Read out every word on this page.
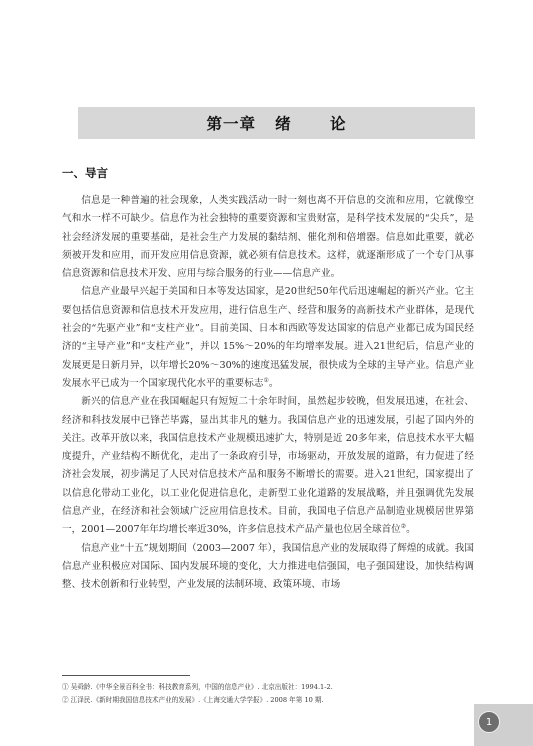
第一章   绪      论
一、导言

信息是一种普遍的社会现象，人类实践活动一时一刻也离不开信息的交流和应用，它就像空气和水一样不可缺少。信息作为社会独特的重要资源和宝贵财富，是科学技术发展的“尖兵”，是社会经济发展的重要基础，是社会生产力发展的黏结剂、催化剂和倍增器。信息如此重要，就必须被开发和应用，而开发应用信息资源，就必须有信息技术。这样，就逐渐形成了一个专门从事信息资源和信息技术开发、应用与综合服务的行业——信息产业。

信息产业最早兴起于美国和日本等发达国家，是20世纪50年代后迅速崛起的新兴产业。它主要包括信息资源和信息技术开发应用，进行信息生产、经营和服务的高新技术产业群体，是现代社会的“先驱产业”和“支柱产业”。目前美国、日本和西欧等发达国家的信息产业都已成为国民经济的“主导产业”和“支柱产业”，并以 15%～20%的年均增率发展。进入21世纪后，信息产业的发展更是日新月异，以年增长20%～30%的速度迅猛发展，很快成为全球的主导产业。信息产业发展水平已成为一个国家现代化水平的重要标志①。

新兴的信息产业在我国崛起只有短短二十余年时间，虽然起步较晚，但发展迅速，在社会、经济和科技发展中已锋芒毕露，显出其非凡的魅力。我国信息产业的迅速发展，引起了国内外的关注。改革开放以来，我国信息技术产业规模迅速扩大，特别是近 20多年来，信息技术水平大幅度提升，产业结构不断优化，走出了一条政府引导，市场驱动，开放发展的道路，有力促进了经济社会发展，初步满足了人民对信息技术产品和服务不断增长的需要。进入21世纪，国家提出了以信息化带动工业化，以工业化促进信息化，走新型工业化道路的发展战略，并且强调优先发展信息产业，在经济和社会领域广泛应用信息技术。目前，我国电子信息产品制造业规模居世界第一，2001—2007年年均增长率近30%，许多信息技术产品产量也位居全球首位②。

信息产业“十五”规划期间（2003—2007 年），我国信息产业的发展取得了辉煌的成就。我国信息产业积极应对国际、国内发展环境的变化，大力推进电信强国，电子强国建设，加快结构调整、技术创新和行业转型，产业发展的法制环境、政策环境、市场

① 吴舜龄.《中华全景百科全书：科技教育系列，中国的信息产业》. 北京出版社：1994.1-2.
② 江泽民.《新时期我国信息技术产业的发展》.《上海交通大学学报》. 2008 年第 10 期.
1
